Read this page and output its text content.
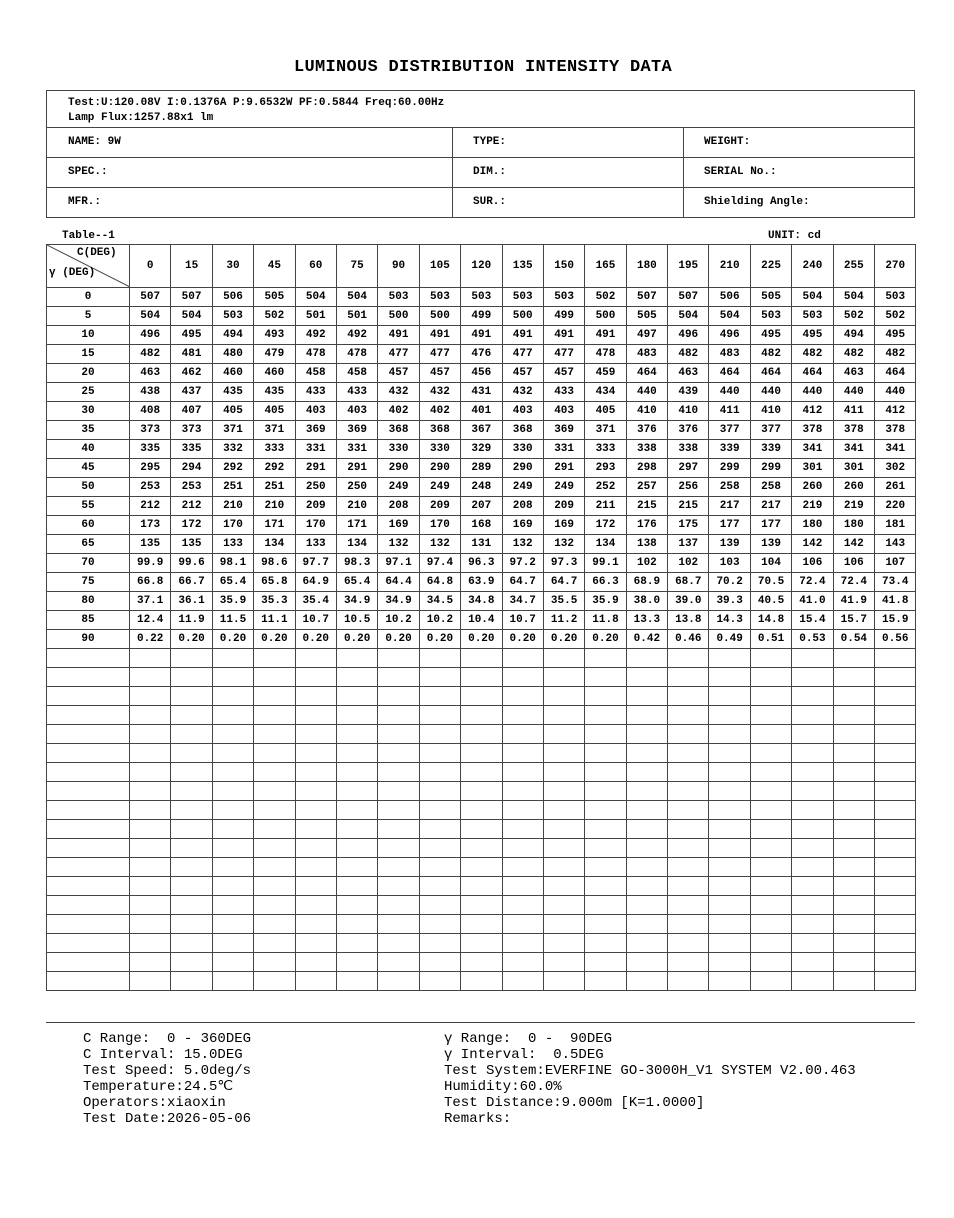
LUMINOUS DISTRIBUTION INTENSITY DATA
Test:U:120.08V I:0.1376A P:9.6532W PF:0.5844 Freq:60.00Hz
Lamp Flux:1257.88x1 lm
NAME: 9W	TYPE:	WEIGHT:
SPEC.:	DIM.:	SERIAL No.:
MFR.:	SUR.:	Shielding Angle:
Table--1	UNIT: cd
C(DEG)
γ (DEG)	0	15	30	45	60	75	90	105	120	135	150	165	180	195	210	225	240	255	270
0	507	507	506	505	504	504	503	503	503	503	503	502	507	507	506	505	504	504	503
5	504	504	503	502	501	501	500	500	499	500	499	500	505	504	504	503	503	502	502
10	496	495	494	493	492	492	491	491	491	491	491	491	497	496	496	495	495	494	495
15	482	481	480	479	478	478	477	477	476	477	477	478	483	482	483	482	482	482	482
20	463	462	460	460	458	458	457	457	456	457	457	459	464	463	464	464	464	463	464
25	438	437	435	435	433	433	432	432	431	432	433	434	440	439	440	440	440	440	440
30	408	407	405	405	403	403	402	402	401	403	403	405	410	410	411	410	412	411	412
35	373	373	371	371	369	369	368	368	367	368	369	371	376	376	377	377	378	378	378
40	335	335	332	333	331	331	330	330	329	330	331	333	338	338	339	339	341	341	341
45	295	294	292	292	291	291	290	290	289	290	291	293	298	297	299	299	301	301	302
50	253	253	251	251	250	250	249	249	248	249	249	252	257	256	258	258	260	260	261
55	212	212	210	210	209	210	208	209	207	208	209	211	215	215	217	217	219	219	220
60	173	172	170	171	170	171	169	170	168	169	169	172	176	175	177	177	180	180	181
65	135	135	133	134	133	134	132	132	131	132	132	134	138	137	139	139	142	142	143
70	99.9	99.6	98.1	98.6	97.7	98.3	97.1	97.4	96.3	97.2	97.3	99.1	102	102	103	104	106	106	107
75	66.8	66.7	65.4	65.8	64.9	65.4	64.4	64.8	63.9	64.7	64.7	66.3	68.9	68.7	70.2	70.5	72.4	72.4	73.4
80	37.1	36.1	35.9	35.3	35.4	34.9	34.9	34.5	34.8	34.7	35.5	35.9	38.0	39.0	39.3	40.5	41.0	41.9	41.8
85	12.4	11.9	11.5	11.1	10.7	10.5	10.2	10.2	10.4	10.7	11.2	11.8	13.3	13.8	14.3	14.8	15.4	15.7	15.9
90	0.22	0.20	0.20	0.20	0.20	0.20	0.20	0.20	0.20	0.20	0.20	0.20	0.42	0.46	0.49	0.51	0.53	0.54	0.56

C Range:  0 - 360DEG
C Interval: 15.0DEG
Test Speed: 5.0deg/s
Temperature:24.5℃
Operators:xiaoxin
Test Date:2026-05-06
γ Range:  0 -  90DEG
γ Interval:  0.5DEG
Test System:EVERFINE GO-3000H_V1 SYSTEM V2.00.463
Humidity:60.0%
Test Distance:9.000m [K=1.0000]
Remarks:
